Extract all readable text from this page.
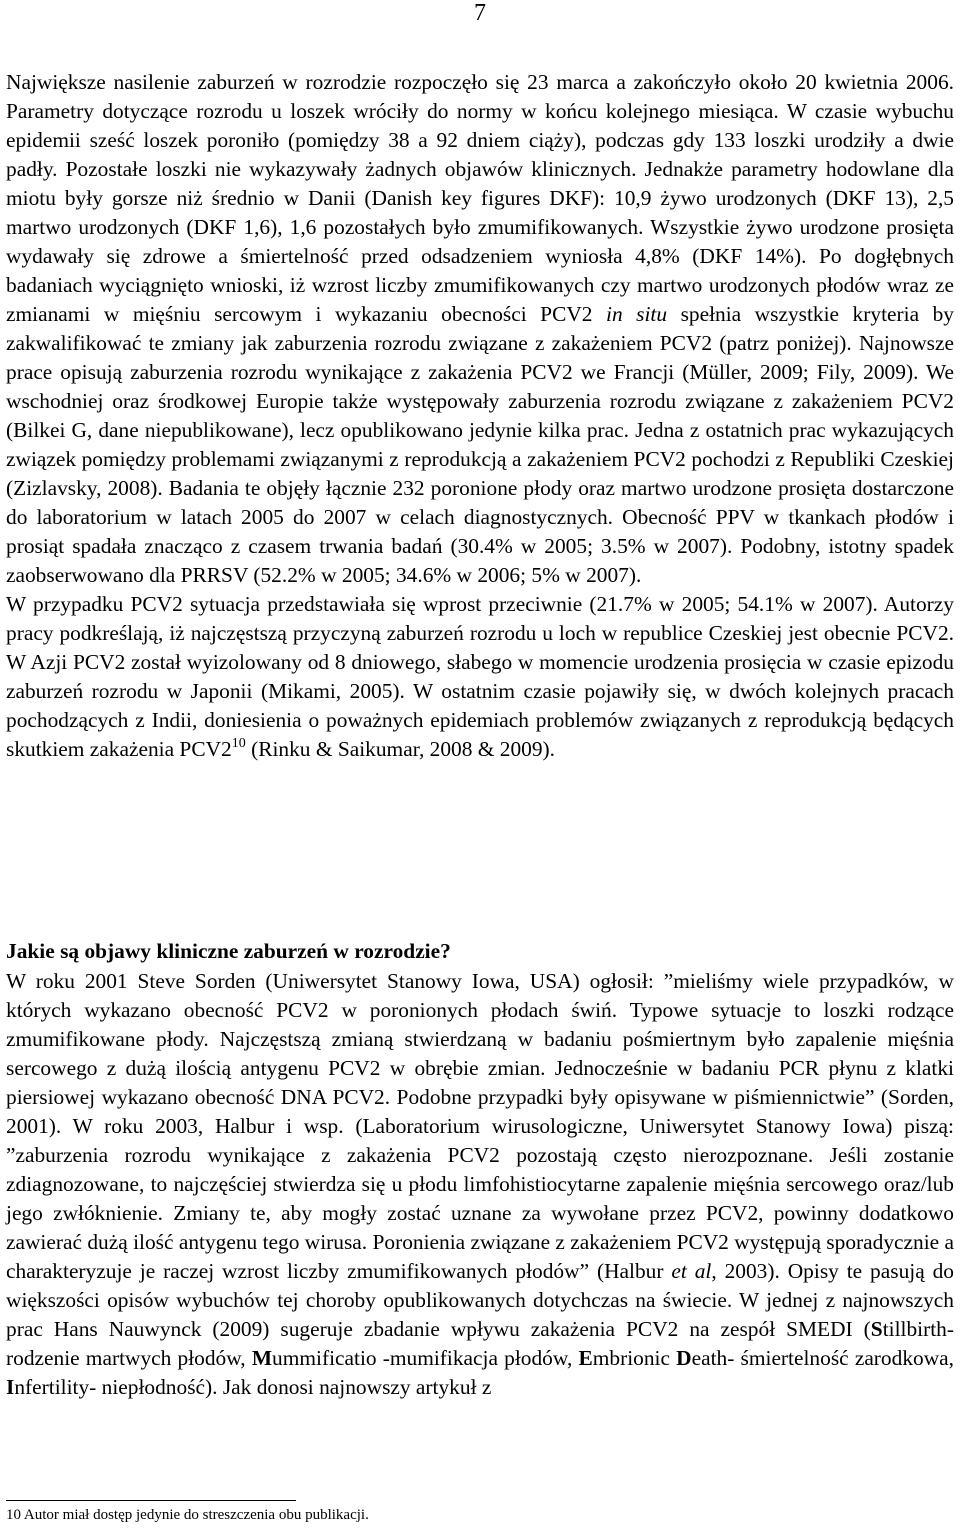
7

Największe nasilenie zaburzeń w rozrodzie rozpoczęło się 23 marca a zakończyło około 20 kwietnia 2006. Parametry dotyczące rozrodu u loszek wróciły do normy w końcu kolejnego miesiąca. W czasie wybuchu epidemii sześć loszek poroniło (pomiędzy 38 a 92 dniem ciąży), podczas gdy 133 loszki urodziły a dwie padły. Pozostałe loszki nie wykazywały żadnych objawów klinicznych. Jednakże parametry hodowlane dla miotu były gorsze niż średnio w Danii (Danish key figures DKF): 10,9 żywo urodzonych (DKF 13), 2,5 martwo urodzonych (DKF 1,6), 1,6 pozostałych było zmumifikowanych. Wszystkie żywo urodzone prosięta wydawały się zdrowe a śmiertelność przed odsadzeniem wyniosła 4,8% (DKF 14%). Po dogłębnych badaniach wyciągnięto wnioski, iż wzrost liczby zmumifikowanych czy martwo urodzonych płodów wraz ze zmianami w mięśniu sercowym i wykazaniu obecności PCV2 in situ spełnia wszystkie kryteria by zakwalifikować te zmiany jak zaburzenia rozrodu związane z zakażeniem PCV2 (patrz poniżej). Najnowsze prace opisują zaburzenia rozrodu wynikające z zakażenia PCV2 we Francji (Müller, 2009; Fily, 2009). We wschodniej oraz środkowej Europie także występowały zaburzenia rozrodu związane z zakażeniem PCV2 (Bilkei G, dane niepublikowane), lecz opublikowano jedynie kilka prac. Jedna z ostatnich prac wykazujących związek pomiędzy problemami związanymi z reprodukcją a zakażeniem PCV2 pochodzi z Republiki Czeskiej (Zizlavsky, 2008). Badania te objęły łącznie 232 poronione płody oraz martwo urodzone prosięta dostarczone do laboratorium w latach 2005 do 2007 w celach diagnostycznych. Obecność PPV w tkankach płodów i prosiąt spadała znacząco z czasem trwania badań (30.4% w 2005; 3.5% w 2007). Podobny, istotny spadek zaobserwowano dla PRRSV (52.2% w 2005; 34.6% w 2006; 5% w 2007).
W przypadku PCV2 sytuacja przedstawiała się wprost przeciwnie (21.7% w 2005; 54.1% w 2007). Autorzy pracy podkreślają, iż najczęstszą przyczyną zaburzeń rozrodu u loch w republice Czeskiej jest obecnie PCV2. W Azji PCV2 został wyizolowany od 8 dniowego, słabego w momencie urodzenia prosięcia w czasie epizodu zaburzeń rozrodu w Japonii (Mikami, 2005). W ostatnim czasie pojawiły się, w dwóch kolejnych pracach pochodzących z Indii, doniesienia o poważnych epidemiach problemów związanych z reprodukcją będących skutkiem zakażenia $PCV2^{10}$ (Rinku & Saikumar, 2008 & 2009).

Jakie są objawy kliniczne zaburzeń w rozrodzie?

W roku 2001 Steve Sorden (Uniwersytet Stanowy Iowa, USA) ogłosił: ”mieliśmy wiele przypadków, w których wykazano obecność PCV2 w poronionych płodach świń. Typowe sytuacje to loszki rodzące zmumifikowane płody. Najczęstszą zmianą stwierdzaną w badaniu pośmiertnym było zapalenie mięśnia sercowego z dużą ilością antygenu PCV2 w obrębie zmian. Jednocześnie w badaniu PCR płynu z klatki piersiowej wykazano obecność DNA PCV2. Podobne przypadki były opisywane w piśmiennictwie” (Sorden, 2001). W roku 2003, Halbur i wsp. (Laboratorium wirusologiczne, Uniwersytet Stanowy Iowa) piszą: ”zaburzenia rozrodu wynikające z zakażenia PCV2 pozostają często nierozpoznane. Jeśli zostanie zdiagnozowane, to najczęściej stwierdza się u płodu limfohistiocytarne zapalenie mięśnia sercowego oraz/lub jego zwłóknienie. Zmiany te, aby mogły zostać uznane za wywołane przez PCV2, powinny dodatkowo zawierać dużą ilość antygenu tego wirusa. Poronienia związane z zakażeniem PCV2 występują sporadycznie a charakteryzuje je raczej wzrost liczby zmumifikowanych płodów” (Halbur et al, 2003). Opisy te pasują do większości opisów wybuchów tej choroby opublikowanych dotychczas na świecie. W jednej z najnowszych prac Hans Nauwynck (2009) sugeruje zbadanie wpływu zakażenia PCV2 na zespół SMEDI (Stillbirth- rodzenie martwych płodów, Mummificatio -mumifikacja płodów, Embrionic Death- śmiertelność zarodkowa, Infertility- niepłodność). Jak donosi najnowszy artykuł z

10 Autor miał dostęp jedynie do streszczenia obu publikacji.
